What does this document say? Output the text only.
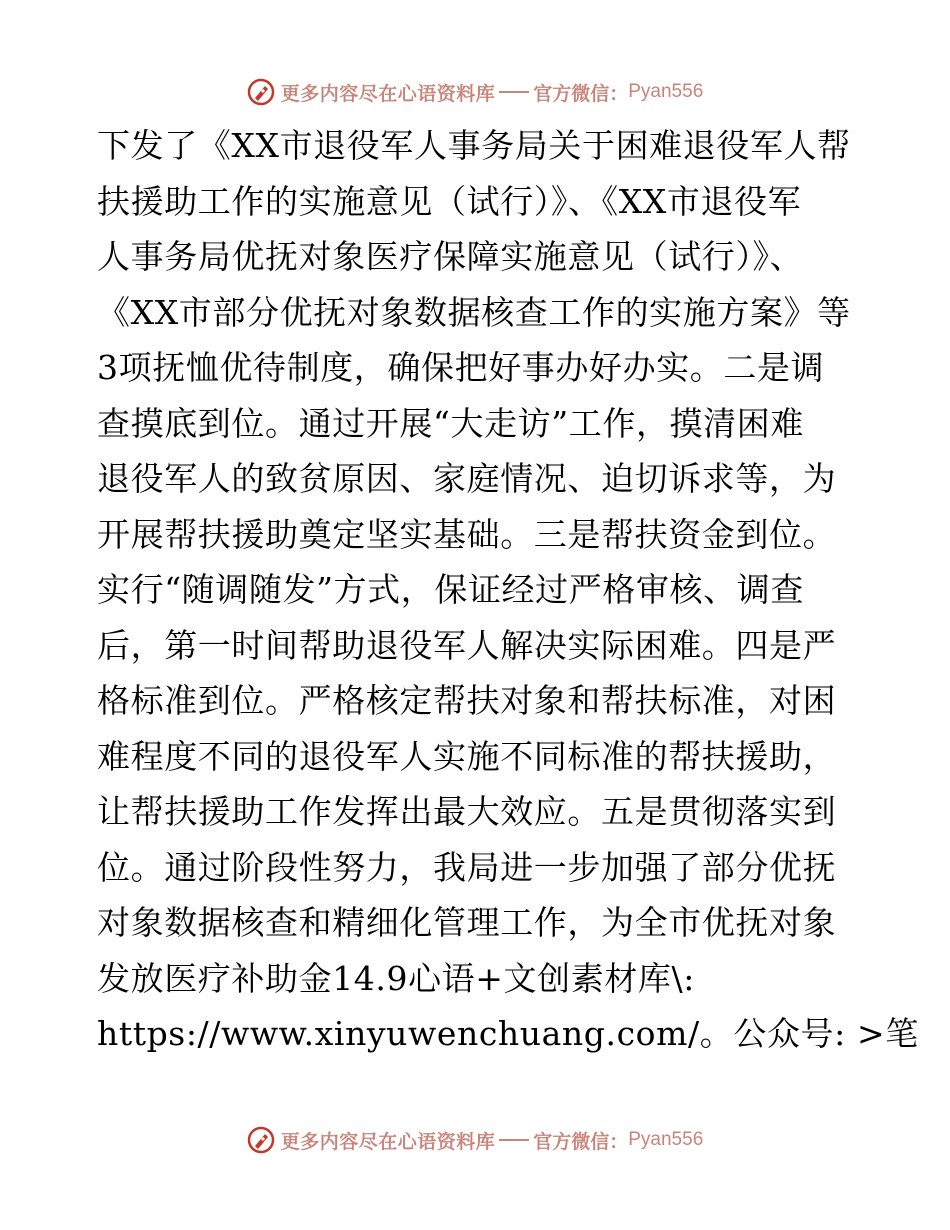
更多内容尽在心语资料库 官方微信： Pyan556
下发了《XX市退役军人事务局关于困难退役军人帮
扶援助工作的实施意见（试行）》、《XX市退役军
人事务局优抚对象医疗保障实施意见（试行）》、
《XX市部分优抚对象数据核查工作的实施方案》等
3项抚恤优待制度，确保把好事办好办实。二是调
查摸底到位。通过开展“大走访”工作，摸清困难
退役军人的致贫原因、家庭情况、迫切诉求等，为
开展帮扶援助奠定坚实基础。三是帮扶资金到位。
实行“随调随发”方式，保证经过严格审核、调查
后，第一时间帮助退役军人解决实际困难。四是严
格标准到位。严格核定帮扶对象和帮扶标准，对困
难程度不同的退役军人实施不同标准的帮扶援助，
让帮扶援助工作发挥出最大效应。五是贯彻落实到
位。通过阶段性努力，我局进一步加强了部分优抚
对象数据核查和精细化管理工作，为全市优抚对象
发放医疗补助金14.9心语+文创素材库\:
https://www.xinyuwenchuang.com/。公众号: >笔
更多内容尽在心语资料库 官方微信： Pyan556
